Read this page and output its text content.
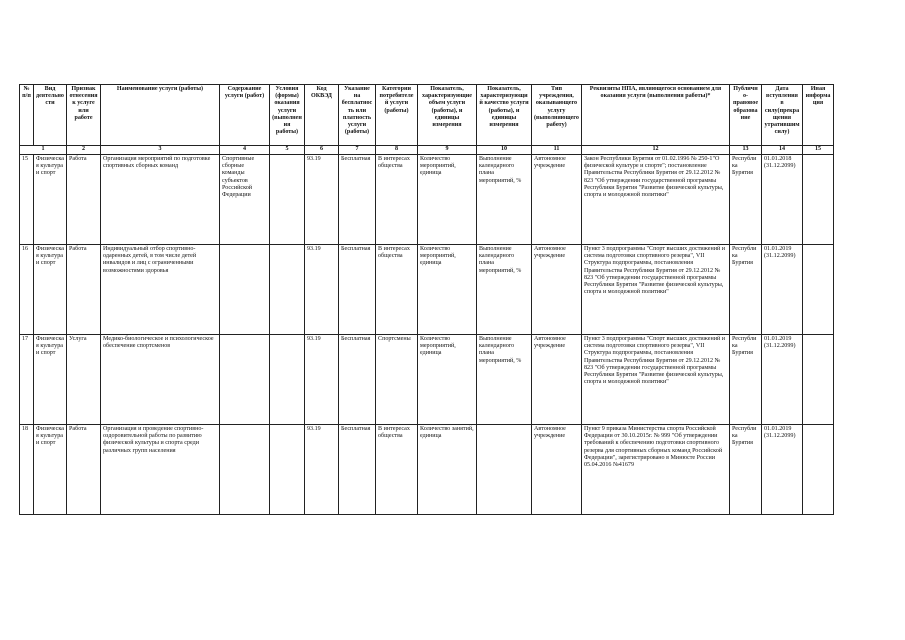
№ п/п	Вид деятельности	Признак отнесения к услуге или работе	Наименование услуги (работы)	Содержание услуги (работ)	Условия (формы) оказания услуги (выполнения работы)	Код ОКВЭД	Указание на бесплатность или платность услуги (работы)	Категории потребителей услуги (работы)	Показатель, характеризующие объем услуги (работы), и единицы измерения	Показатель, характеризующий качество услуги (работы), и единицы измерения	Тип учреждения, оказывающего услугу (выполняющего работу)	Реквизиты НПА, являющегося основанием для оказания услуги (выполнения работы)*	Публично-правовое образование	Дата вступления в силу(прекращения утратившим силу)	Иная информация
1		2	3	4	5	6	7	8	9	10	11	12	13	14	15
15	Физическая культура и спорт	Работа	Организация мероприятий по подготовке спортивных сборных команд	Спортивные сборные команды субъектов Российской Федерации		93.19	Бесплатная	В интересах общества	Количество мероприятий, единица	Выполнение календарного плана мероприятий, %	Автономное учреждение	Закон Республики Бурятия от 01.02.1996 № 250-1"О физической культуре и спорте"; постановление Правительства Республики Бурятия от 29.12.2012 № 823 "Об утверждении государственной программы Республики Бурятия "Развитие физической культуры, спорта и молодежной политики"	Республика Бурятия	01.01.2018 (31.12.2099)	
16	Физическая культура и спорт	Работа	Индивидуальный отбор спортивно-одаренных детей, в том числе детей инвалидов и лиц с ограниченными возможностями здоровья			93.19	Бесплатная	В интересах общества	Количество мероприятий, единица	Выполнение календарного плана мероприятий, %	Автономное учреждение	Пункт 3 подпрограммы "Спорт высших достижений и система подготовки спортивного резерва", VII Структура подпрограммы, постановления Правительства Республики Бурятия от 29.12.2012 № 823 "Об утверждении государственной программы Республики Бурятия "Развитие физической культуры, спорта и молодежной политики"	Республика Бурятия	01.01.2019 (31.12.2099)	
17	Физическая культура и спорт	Услуга	Медико-биологическое и психологическое обеспечение спортсменов			93.19	Бесплатная	Спортсмены	Количество мероприятий, единица	Выполнение календарного плана мероприятий, %	Автономное учреждение	Пункт 3 подпрограммы "Спорт высших достижений и система подготовки спортивного резерва", VII Структура подпрограммы, постановления Правительства Республики Бурятия от 29.12.2012 № 823 "Об утверждении государственной программы Республики Бурятия "Развитие физической культуры, спорта и молодежной политики"	Республика Бурятия	01.01.2019 (31.12.2099)	
18	Физическая культура и спорт	Работа	Организация и проведение спортивно-оздоровительной работы по развитию физической культуры и спорта среди различных групп населения			93.19	Бесплатная	В интересах общества	Количество занятий, единица		Автономное учреждение	Пункт 9 приказа Министерства спорта Российской Федерации от 30.10.2015г. № 999 "Об утверждении требований к обеспечению подготовки спортивного резерва для спортивных сборных команд Российской Федерации", зарегистрировано в Минюсте России 05.04.2016 №41679	Республика Бурятия	01.01.2019 (31.12.2099)	
